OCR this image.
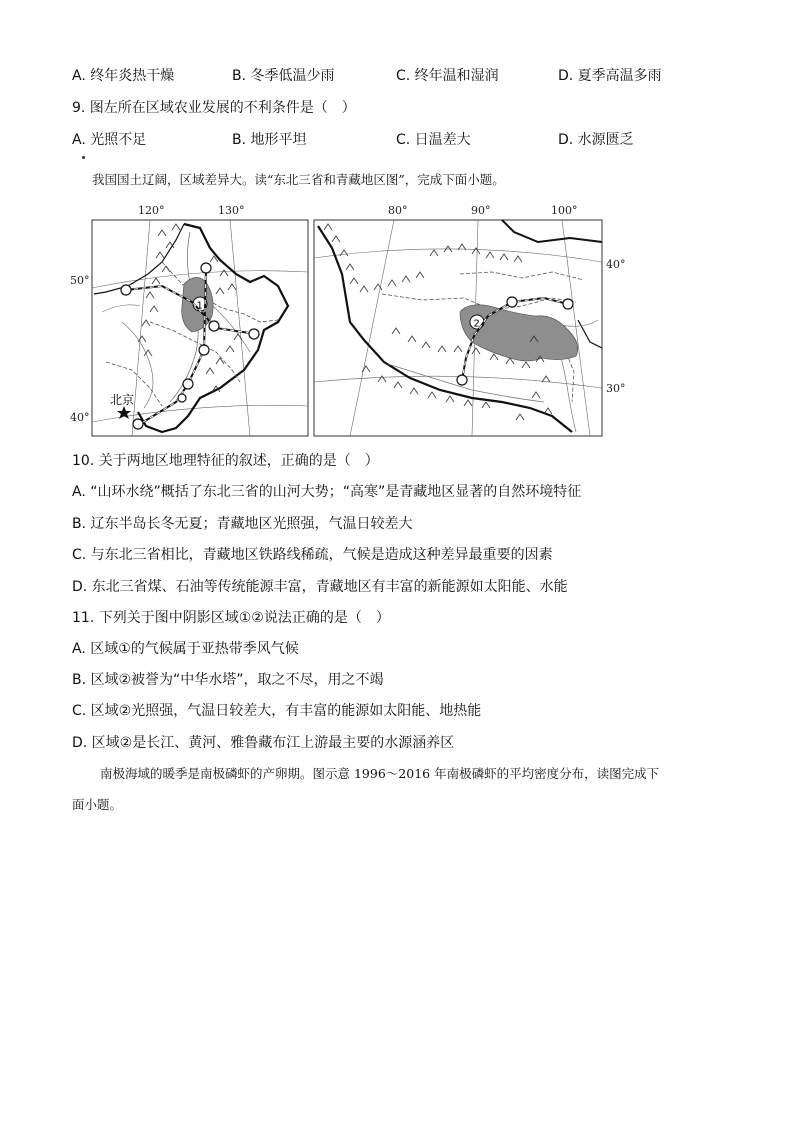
A. 终年炎热干燥	B. 冬季低温少雨	C. 终年温和湿润	D. 夏季高温多雨
9. 图左所在区域农业发展的不利条件是（　）
A. 光照不足	B. 地形平坦	C. 日温差大	D. 水源匮乏
我国国土辽阔，区域差异大。读“东北三省和青藏地区图”，完成下面小题。
120°	130°
50°
40°
80°	90°	100°
40°
30°
1
北京
2
10. 关于两地区地理特征的叙述，正确的是（　）
A. “山环水绕”概括了东北三省的山河大势；“高寒”是青藏地区显著的自然环境特征
B. 辽东半岛长冬无夏；青藏地区光照强，气温日较差大
C. 与东北三省相比，青藏地区铁路线稀疏，气候是造成这种差异最重要的因素
D. 东北三省煤、石油等传统能源丰富，青藏地区有丰富的新能源如太阳能、水能
11. 下列关于图中阴影区域①②说法正确的是（　）
A. 区域①的气候属于亚热带季风气候
B. 区域②被誉为“中华水塔”，取之不尽，用之不竭
C. 区域②光照强，气温日较差大，有丰富的能源如太阳能、地热能
D. 区域②是长江、黄河、雅鲁藏布江上游最主要的水源涵养区
南极海域的暖季是南极磷虾的产卵期。图示意 1996～2016 年南极磷虾的平均密度分布，读图完成下
面小题。
